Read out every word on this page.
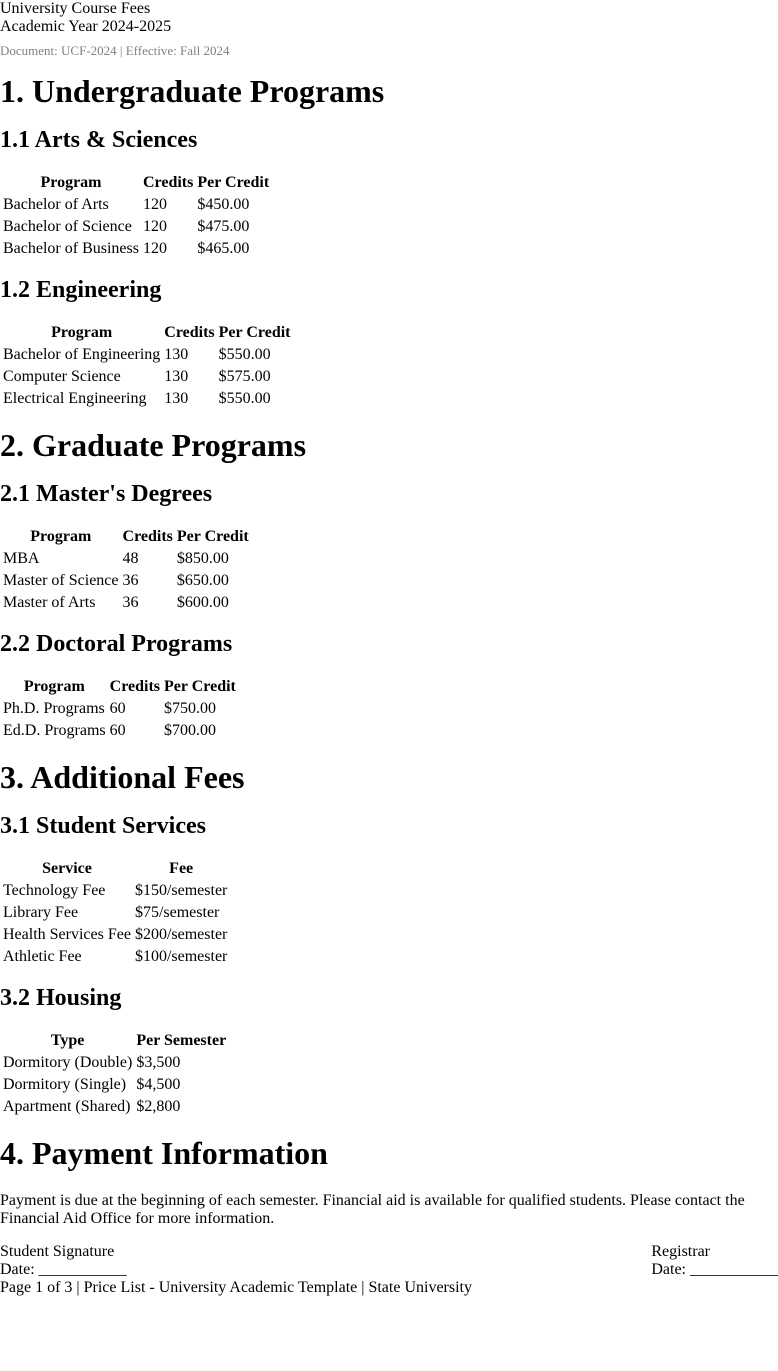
University Course Fees
Academic Year 2024-2025
Document: UCF-2024 | Effective: Fall 2024
1. Undergraduate Programs
1.1 Arts & Sciences
Program	Credits	Per Credit
Bachelor of Arts	120	$450.00
Bachelor of Science	120	$475.00
Bachelor of Business	120	$465.00
1.2 Engineering
Program	Credits	Per Credit
Bachelor of Engineering	130	$550.00
Computer Science	130	$575.00
Electrical Engineering	130	$550.00
2. Graduate Programs
2.1 Master's Degrees
Program	Credits	Per Credit
MBA	48	$850.00
Master of Science	36	$650.00
Master of Arts	36	$600.00
2.2 Doctoral Programs
Program	Credits	Per Credit
Ph.D. Programs	60	$750.00
Ed.D. Programs	60	$700.00
3. Additional Fees
3.1 Student Services
Service	Fee
Technology Fee	$150/semester
Library Fee	$75/semester
Health Services Fee	$200/semester
Athletic Fee	$100/semester
3.2 Housing
Type	Per Semester
Dormitory (Double)	$3,500
Dormitory (Single)	$4,500
Apartment (Shared)	$2,800
4. Payment Information

Payment is due at the beginning of each semester. Financial aid is available for qualified students. Please contact the Financial Aid Office for more information.

Student Signature
Date: ___________
Registrar
Date: ___________
Page 1 of 3 | Price List - University Academic Template | State University
